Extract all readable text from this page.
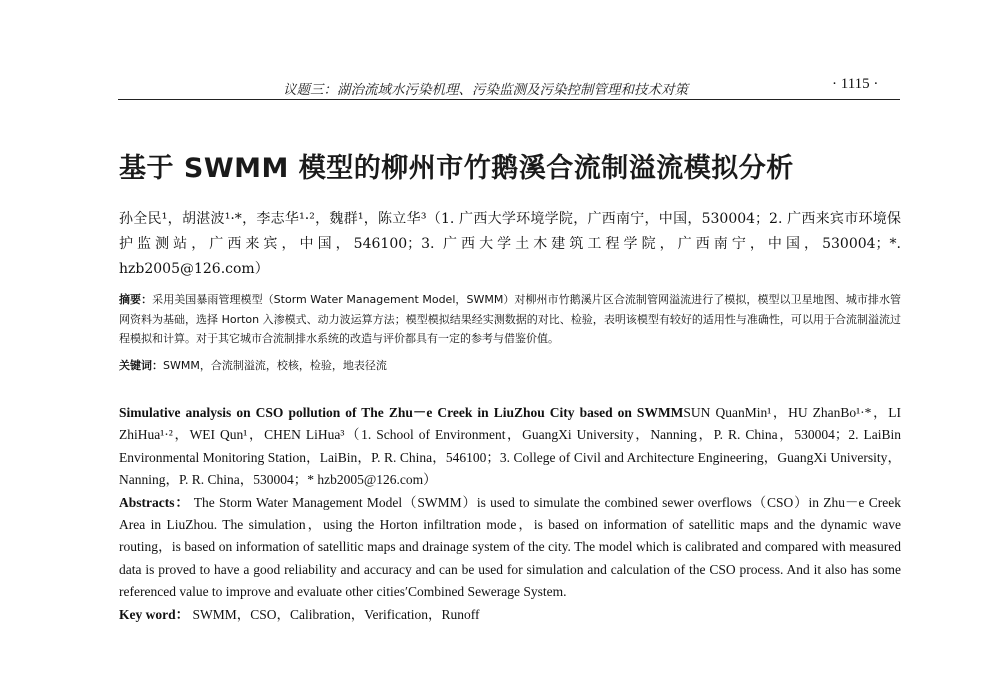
议题三：湖治流域水污染机理、污染监测及污染控制管理和技术对策	· 1115 ·
基于 SWMM 模型的柳州市竹鹅溪合流制溢流模拟分析
孙全民¹，胡湛波¹·*，李志华¹·²，魏群¹，陈立华³（1. 广西大学环境学院，广西南宁，中国，530004；2. 广西来宾市环境保护监测站，广西来宾，中国，546100；3. 广西大学土木建筑工程学院，广西南宁，中国，530004；*. hzb2005@126.com）
摘要：采用美国暴雨管理模型（Storm Water Management Model，SWMM）对柳州市竹鹅溪片区合流制管网溢流进行了模拟，模型以卫星地图、城市排水管网资料为基础，选择 Horton 入渗模式、动力波运算方法；模型模拟结果经实测数据的对比、检验，表明该模型有较好的适用性与准确性，可以用于合流制溢流过程模拟和计算。对于其它城市合流制排水系统的改造与评价都具有一定的参考与借鉴价值。
关键词：SWMM，合流制溢流，校核，检验，地表径流
Simulative analysis on CSO pollution of The Zhu－e Creek in LiuZhou City based on SWMMSUN QuanMin¹，HU ZhanBo¹·*，LI ZhiHua¹·²，WEI Qun¹，CHEN LiHua³（1. School of Environment，GuangXi University，Nanning，P. R. China，530004；2. LaiBin Environmental Monitoring Station，LaiBin，P. R. China，546100；3. College of Civil and Architecture Engineering，GuangXi University，Nanning，P. R. China，530004；* hzb2005@126.com）
Abstracts： The Storm Water Management Model（SWMM）is used to simulate the combined sewer overflows（CSO）in Zhu－e Creek Area in LiuZhou. The simulation，using the Horton infiltration mode，is based on information of satellitic maps and the dynamic wave routing，is based on information of satellitic maps and drainage system of the city. The model which is calibrated and compared with measured data is proved to have a good reliability and accuracy and can be used for simulation and calculation of the CSO process. And it also has some referenced value to improve and evaluate other cities′Combined Sewerage System.
Key word： SWMM，CSO，Calibration，Verification，Runoff
